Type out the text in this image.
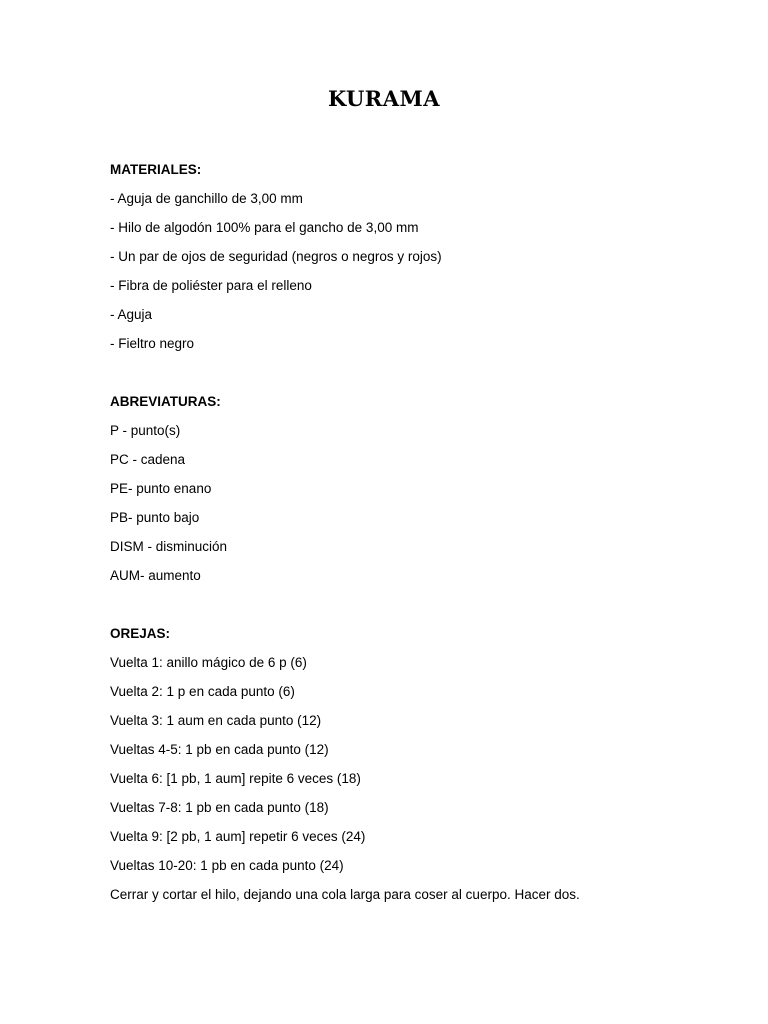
KURAMA
MATERIALES:
- Aguja de ganchillo de 3,00 mm
- Hilo de algodón 100% para el gancho de 3,00 mm
- Un par de ojos de seguridad (negros o negros y rojos)
- Fibra de poliéster para el relleno
- Aguja
- Fieltro negro
ABREVIATURAS:
P - punto(s)
PC - cadena
PE- punto enano
PB- punto bajo
DISM - disminución
AUM- aumento
OREJAS:
Vuelta 1: anillo mágico de 6 p (6)
Vuelta 2: 1 p en cada punto (6)
Vuelta 3: 1 aum en cada punto (12)
Vueltas 4-5: 1 pb en cada punto (12)
Vuelta 6: [1 pb, 1 aum] repite 6 veces (18)
Vueltas 7-8: 1 pb en cada punto (18)
Vuelta 9: [2 pb, 1 aum] repetir 6 veces (24)
Vueltas 10-20: 1 pb en cada punto (24)
Cerrar y cortar el hilo, dejando una cola larga para coser al cuerpo. Hacer dos.
